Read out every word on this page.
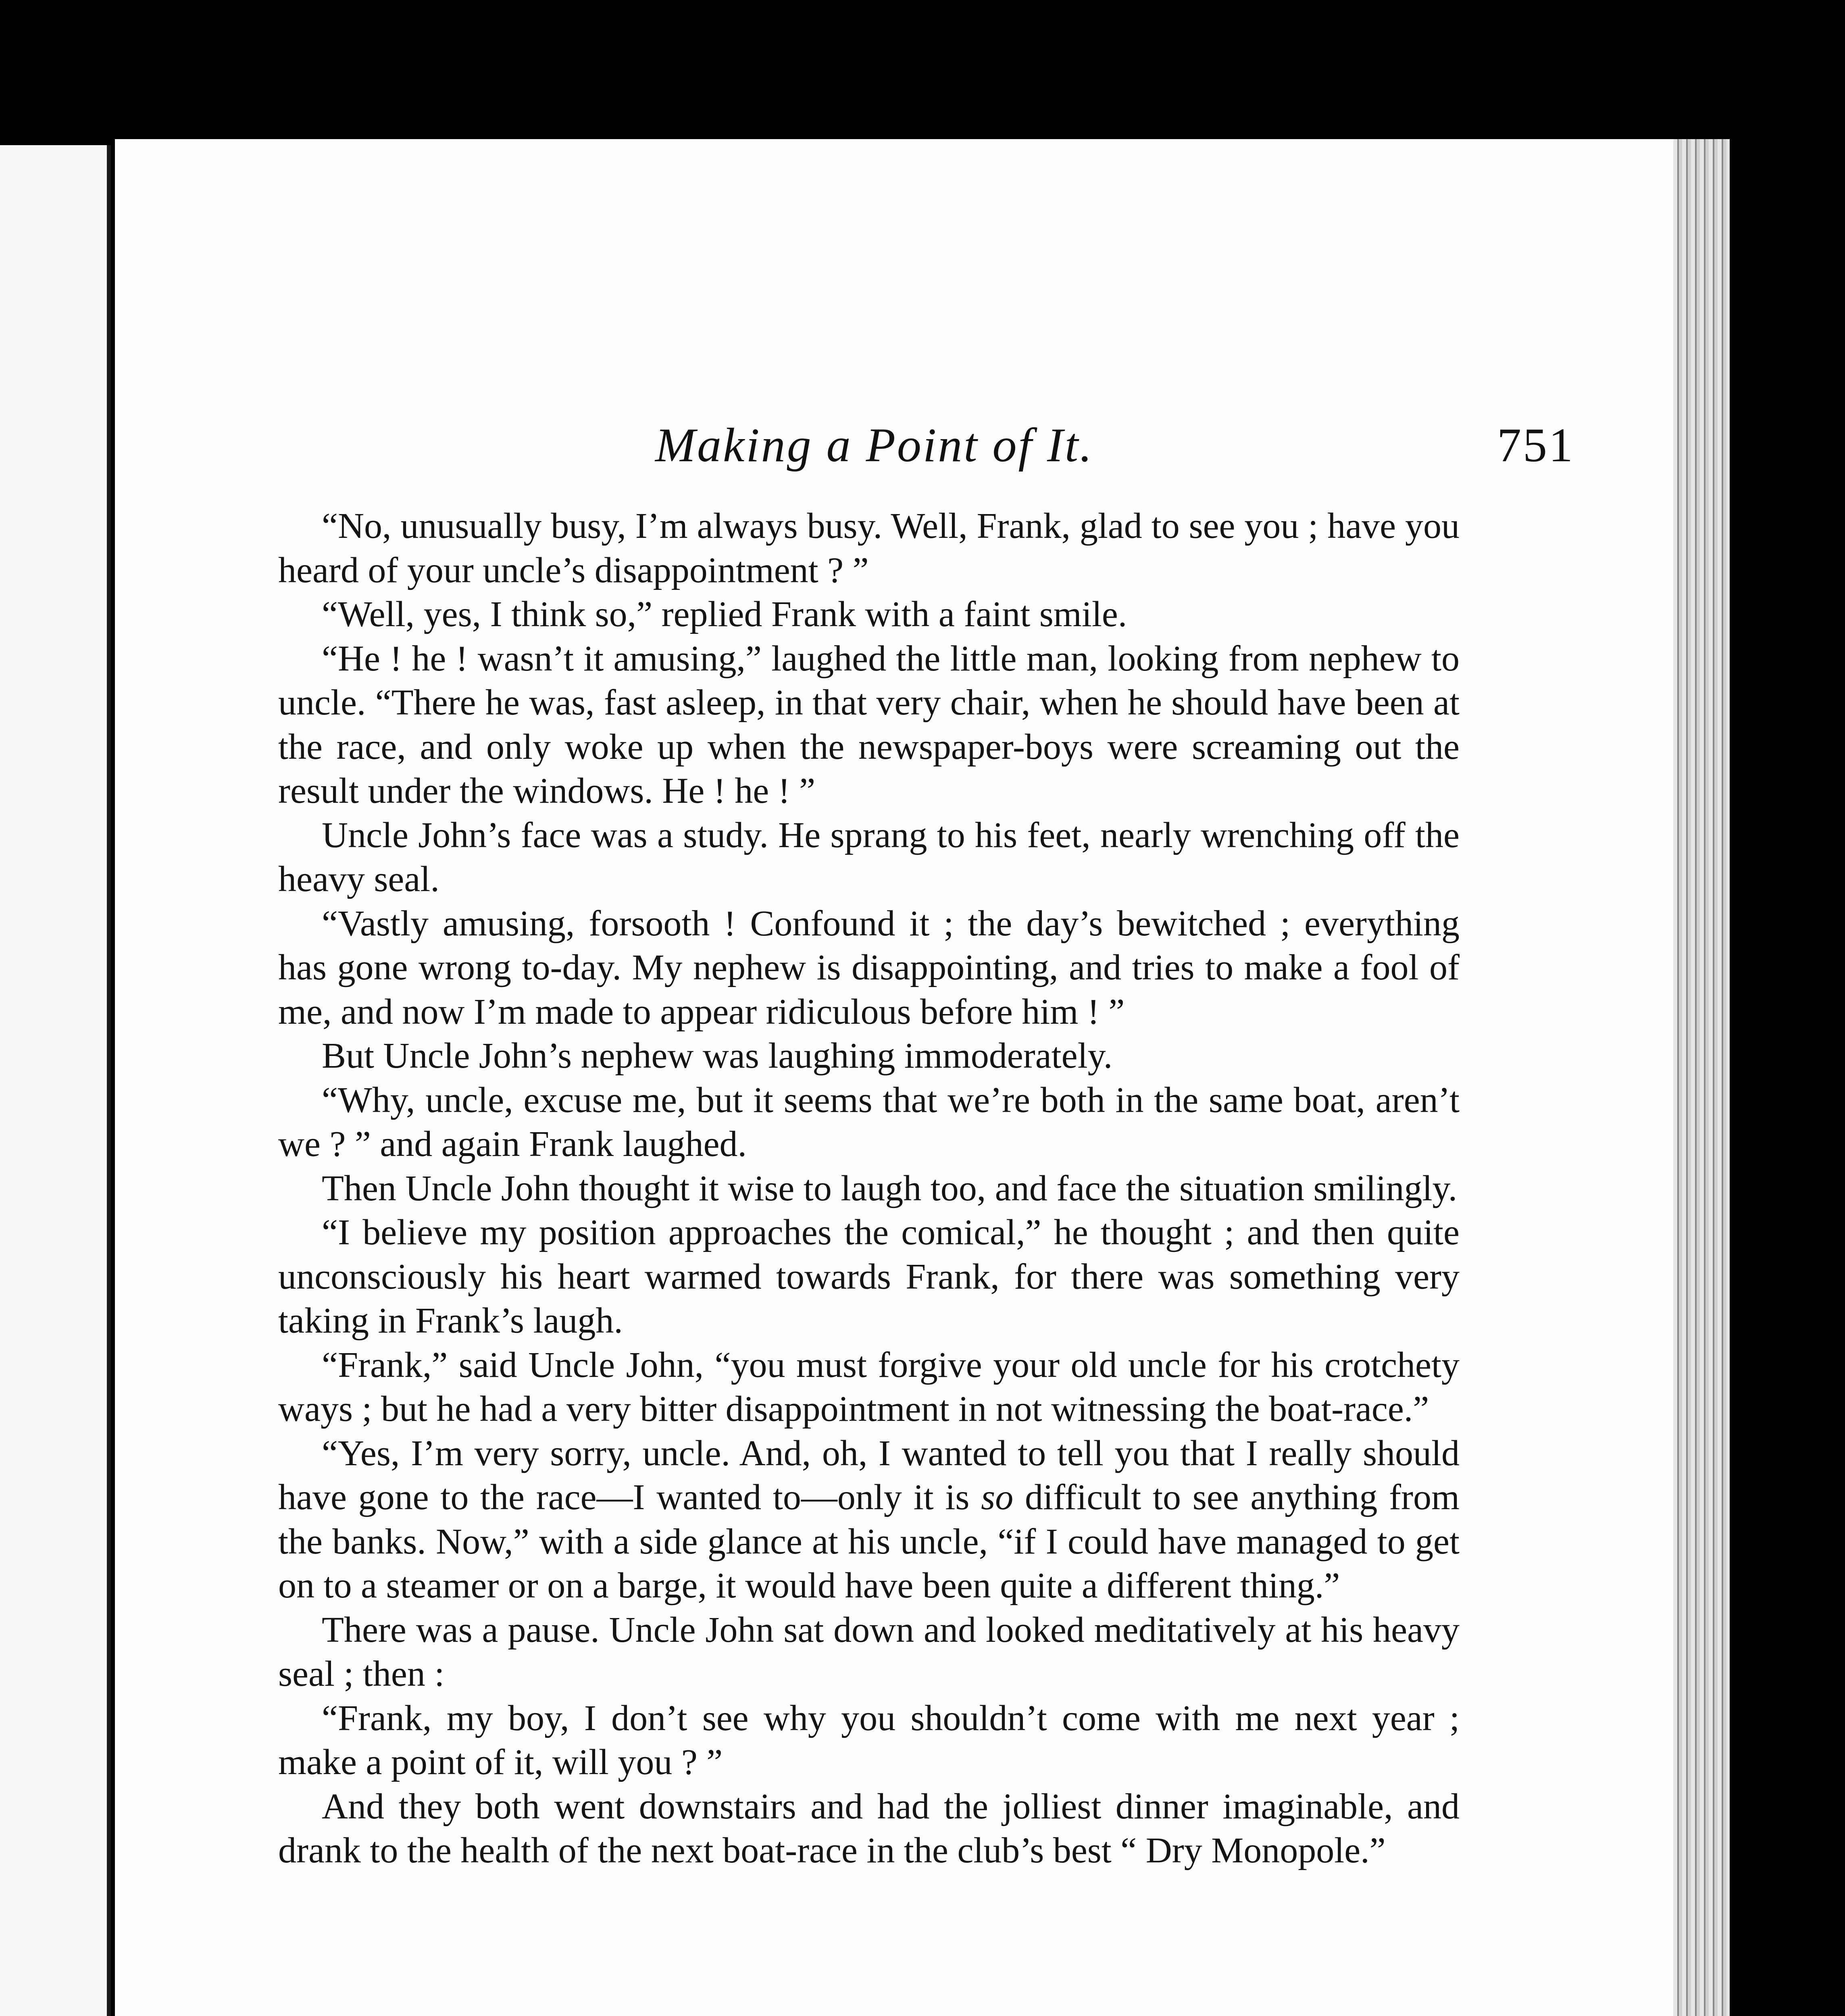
Making a Point of It.	751

“No, unusually busy, I’m always busy. Well, Frank, glad to see you ; have you heard of your uncle’s disappointment ? ”

“Well, yes, I think so,” replied Frank with a faint smile.

“He ! he ! wasn’t it amusing,” laughed the little man, looking from nephew to uncle. “There he was, fast asleep, in that very chair, when he should have been at the race, and only woke up when the newspaper-boys were screaming out the result under the windows. He ! he ! ”

Uncle John’s face was a study. He sprang to his feet, nearly wrenching off the heavy seal.

“Vastly amusing, forsooth ! Confound it ; the day’s bewitched ; everything has gone wrong to-day. My nephew is disappointing, and tries to make a fool of me, and now I’m made to appear ridiculous before him ! ”

But Uncle John’s nephew was laughing immoderately.

“Why, uncle, excuse me, but it seems that we’re both in the same boat, aren’t we ? ” and again Frank laughed.

Then Uncle John thought it wise to laugh too, and face the situation smilingly.

“I believe my position approaches the comical,” he thought ; and then quite unconsciously his heart warmed towards Frank, for there was something very taking in Frank’s laugh.

“Frank,” said Uncle John, “you must forgive your old uncle for his crotchety ways ; but he had a very bitter disappointment in not witnessing the boat-race.”

“Yes, I’m very sorry, uncle. And, oh, I wanted to tell you that I really should have gone to the race—I wanted to—only it is so difficult to see anything from the banks. Now,” with a side glance at his uncle, “if I could have managed to get on to a steamer or on a barge, it would have been quite a different thing.”

There was a pause. Uncle John sat down and looked meditatively at his heavy seal ; then :

“Frank, my boy, I don’t see why you shouldn’t come with me next year ; make a point of it, will you ? ”

And they both went downstairs and had the jolliest dinner imaginable, and drank to the health of the next boat-race in the club’s best “ Dry Monopole.”
